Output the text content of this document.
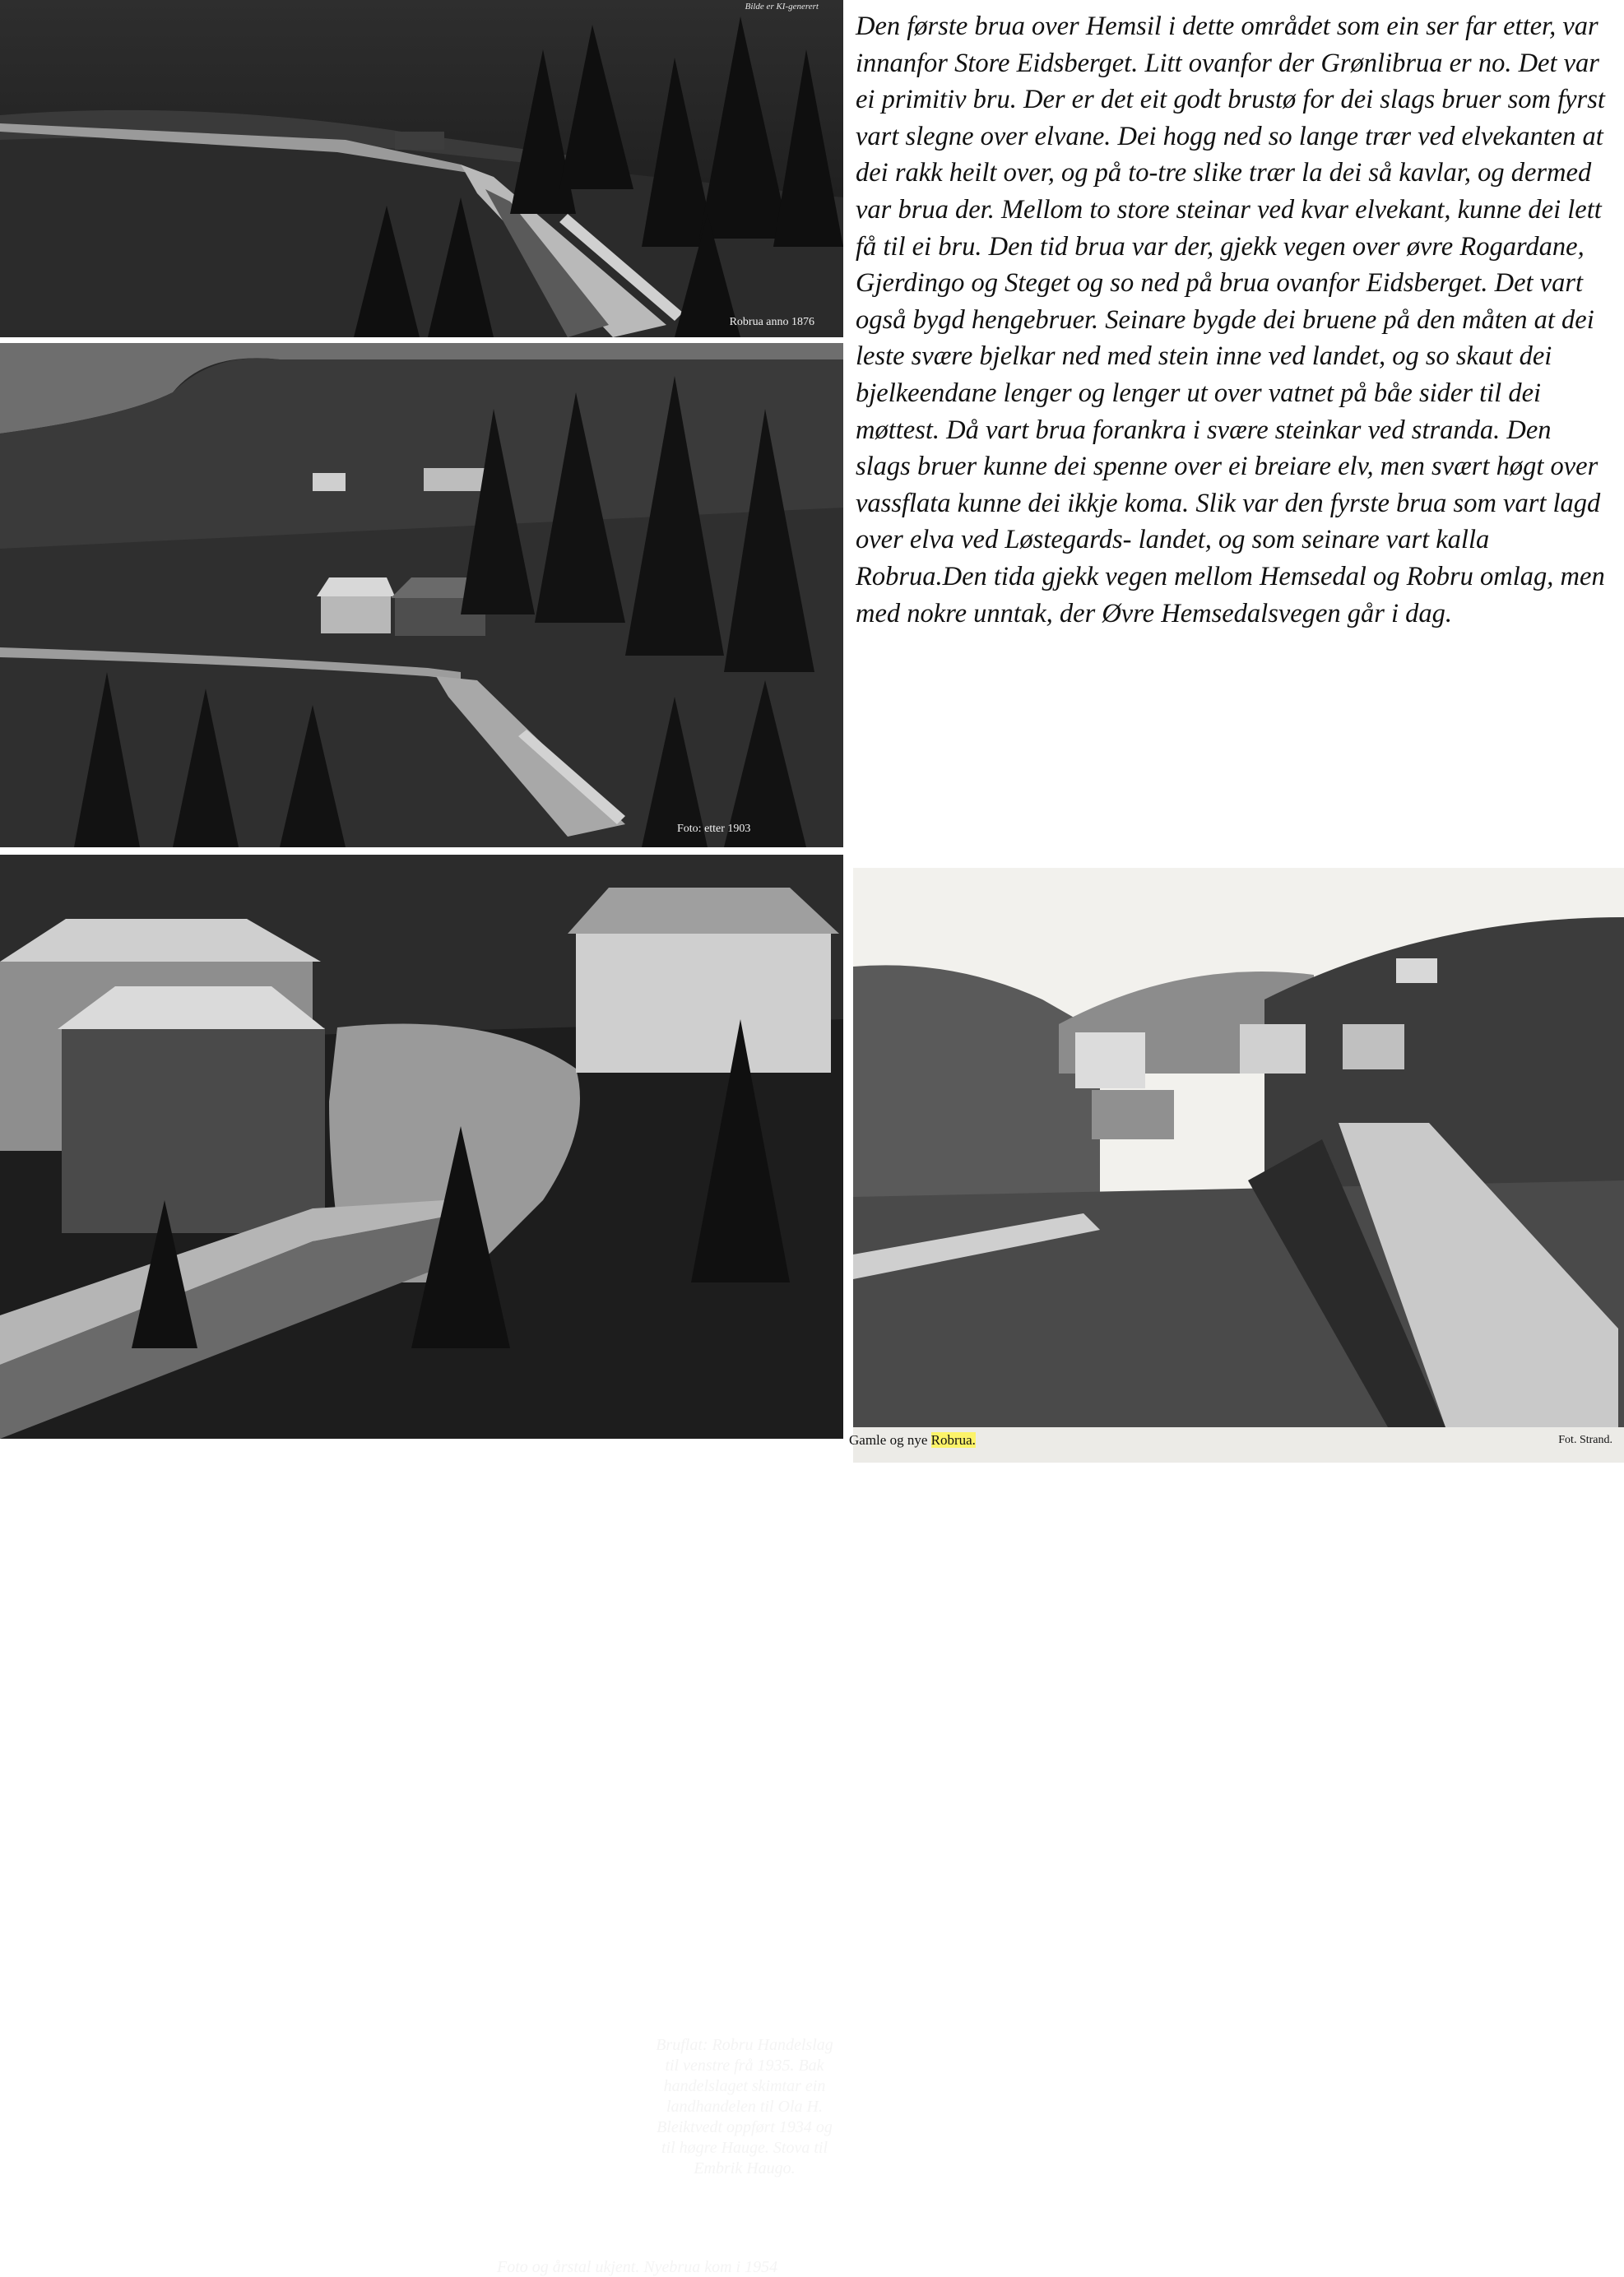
Bilde er KI-generert
Robrua anno 1876
Foto: etter 1903
Bruflat: Robru Handelslag til venstre frå 1935. Bak handelslaget skimtar ein landhandelen til Ola H. Bleiktvedt oppført 1934 og til høgre Hauge. Stova til Embrik Haugo.
Foto og årstal ukjent. Nyebrua kom i 1954

Den første brua over Hemsil i dette området som ein ser far etter, var innanfor Store Eidsberget. Litt ovanfor der Grønlibrua er no. Det var ei primitiv bru. Der er det eit godt brustø for dei slags bruer som fyrst vart slegne over elvane. Dei hogg ned so lange trær ved elvekanten at dei rakk heilt over, og på to-tre slike trær la dei så kavlar, og dermed var brua der. Mellom to store steinar ved kvar elvekant, kunne dei lett få til ei bru. Den tid brua var der, gjekk vegen over øvre Rogardane, Gjerdingo og Steget og so ned på brua ovanfor Eidsberget. Det vart også bygd hengebruer. Seinare bygde dei bruene på den måten at dei leste svære bjelkar ned med stein inne ved landet, og so skaut dei bjelkeendane lenger og lenger ut over vatnet på båe sider til dei møttest. Då vart brua forankra i svære steinkar ved stranda. Den slags bruer kunne dei spenne over ei breiare elv, men svært høgt over vassflata kunne dei ikkje koma. Slik var den fyrste brua som vart lagd over elva ved Løstegards- landet, og som seinare vart kalla Robrua.Den tida gjekk vegen mellom Hemsedal og Robru omlag, men med nokre unntak, der Øvre Hemsedalsvegen går i dag.

Gamle og nye Robrua.	Fot. Strand.
